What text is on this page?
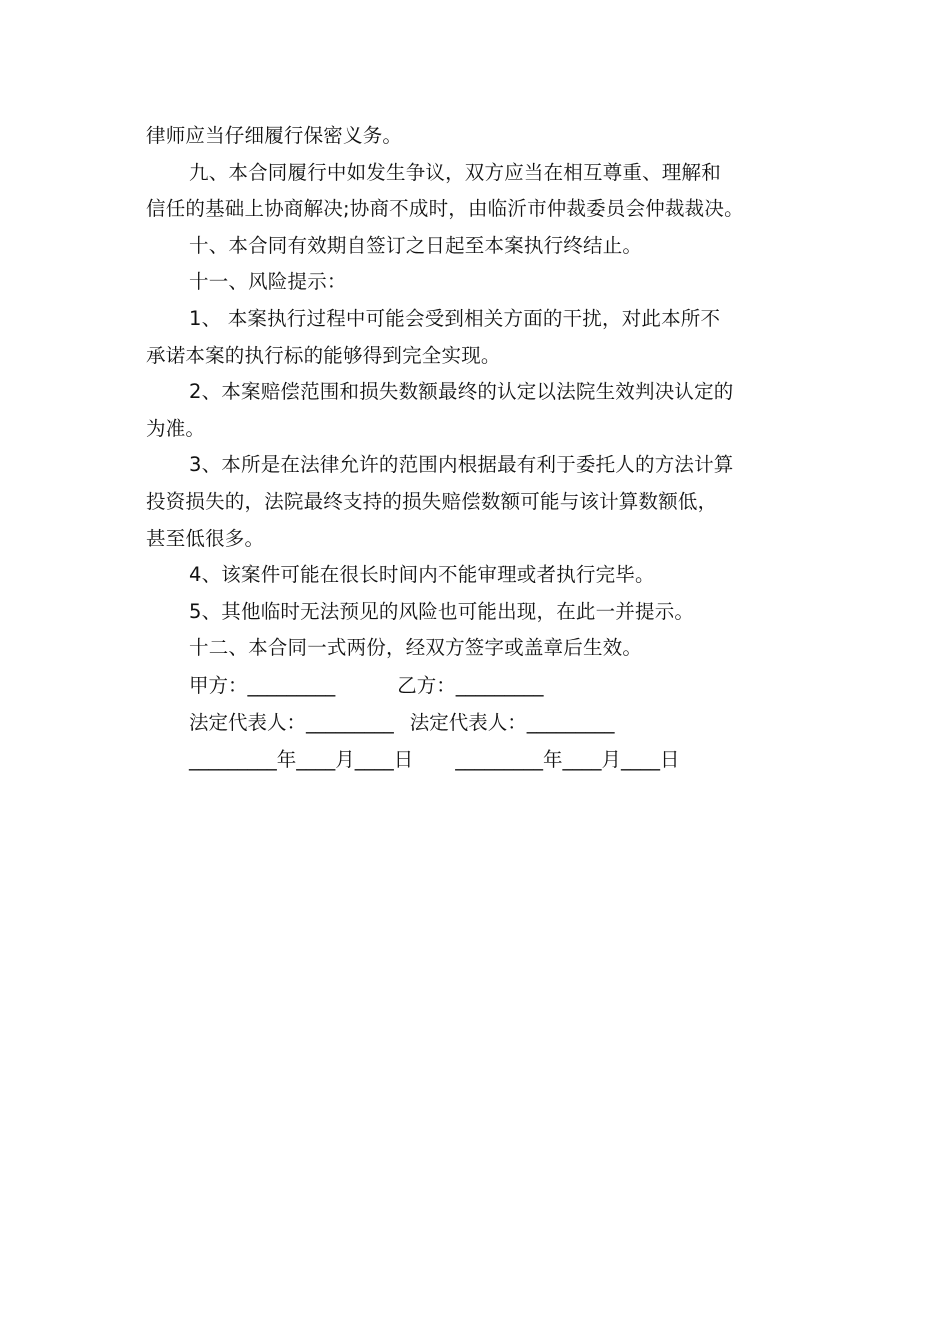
律师应当仔细履行保密义务。
九、本合同履行中如发生争议，双方应当在相互尊重、理解和
信任的基础上协商解决;协商不成时，由临沂市仲裁委员会仲裁裁决。
十、本合同有效期自签订之日起至本案执行终结止。
十一、风险提示：
1、 本案执行过程中可能会受到相关方面的干扰，对此本所不
承诺本案的执行标的能够得到完全实现。
2、本案赔偿范围和损失数额最终的认定以法院生效判决认定的
为准。
3、本所是在法律允许的范围内根据最有利于委托人的方法计算
投资损失的，法院最终支持的损失赔偿数额可能与该计算数额低，
甚至低很多。
4、该案件可能在很长时间内不能审理或者执行完毕。
5、其他临时无法预见的风险也可能出现，在此一并提示。
十二、本合同一式两份，经双方签字或盖章后生效。
甲方：_________	乙方：_________
法定代表人：_________ 法定代表人：_________
_________年____月____日 _________年____月____日
